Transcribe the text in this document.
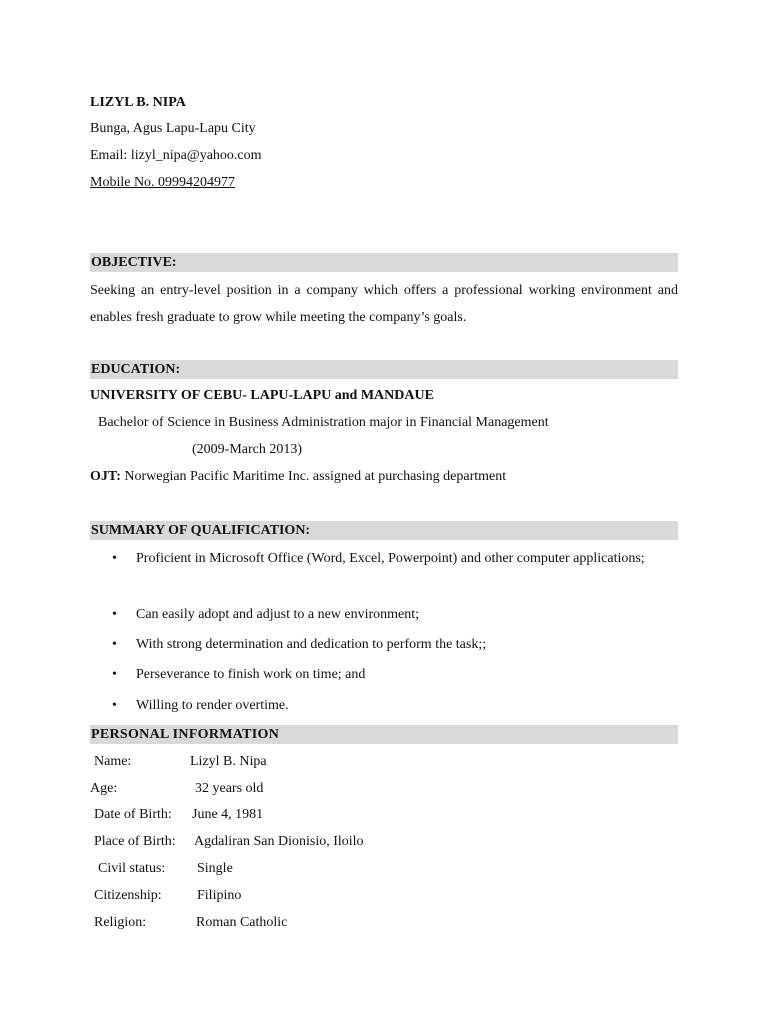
LIZYL B. NIPA
Bunga, Agus Lapu-Lapu City
Email: lizyl_nipa@yahoo.com
Mobile No. 09994204977
OBJECTIVE:
Seeking an entry-level position in a company which offers a professional working environment and enables fresh graduate to grow while meeting the company’s goals.
EDUCATION:
UNIVERSITY OF CEBU- LAPU-LAPU and MANDAUE
Bachelor of Science in Business Administration major in Financial Management
(2009-March 2013)
OJT: Norwegian Pacific Maritime Inc. assigned at purchasing department
SUMMARY OF QUALIFICATION:
• Proficient in Microsoft Office (Word, Excel, Powerpoint) and other computer applications;
• Can easily adopt and adjust to a new environment;
• With strong determination and dedication to perform the task;;
• Perseverance to finish work on time; and
• Willing to render overtime.
PERSONAL INFORMATION
Name:	Lizyl B. Nipa
Age:	32 years old
Date of Birth: June 4, 1981
Place of Birth: Agdaliran San Dionisio, Iloilo
Civil status: Single
Citizenship:	Filipino
Religion:	Roman Catholic
